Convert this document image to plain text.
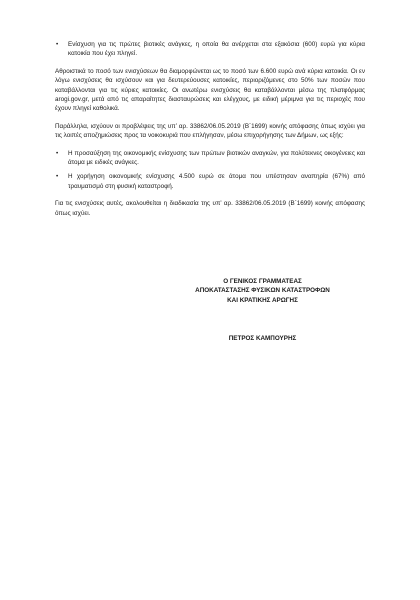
• Ενίσχυση για τις πρώτες βιοτικές ανάγκες, η οποία θα ανέρχεται στα εξακόσια (600) ευρώ για κύρια κατοικία που έχει πληγεί.

Αθροιστικά το ποσό των ενισχύσεων θα διαμορφώνεται ως το ποσό των 6.600 ευρώ ανά κύρια κατοικία. Οι εν λόγω ενισχύσεις θα ισχύσουν και για δευτερεύουσες κατοικίες, περιοριζόμενες στο 50% των ποσών που καταβάλλονται για τις κύριες κατοικίες. Οι ανωτέρω ενισχύσεις θα καταβάλλονται μέσω της πλατφόρμας arogi.gov.gr, μετά από τις απαραίτητες διασταυρώσεις και ελέγχους, με ειδική μέριμνα για τις περιοχές που έχουν πληγεί καθολικά.

Παράλληλα, ισχύουν οι προβλέψεις της υπ’ αρ. 33862/06.05.2019 (Β΄1699) κοινής απόφασης όπως ισχύει για τις λοιπές αποζημιώσεις προς τα νοικοκυριά που επλήγησαν, μέσω επιχορήγησης των Δήμων, ως εξής:

• Η προσαύξηση της οικονομικής ενίσχυσης των πρώτων βιοτικών αναγκών, για πολύτεκνες οικογένειες και άτομα με ειδικές ανάγκες.
• Η χορήγηση οικονομικής ενίσχυσης 4.500 ευρώ σε άτομα που υπέστησαν αναπηρία (67%) από τραυματισμό στη φυσική καταστροφή.

Για τις ενισχύσεις αυτές, ακολουθείται η διαδικασία της υπ’ αρ. 33862/06.05.2019 (Β΄1699) κοινής απόφασης όπως ισχύει.

Ο ΓΕΝΙΚΟΣ ΓΡΑΜΜΑΤΕΑΣ
ΑΠΟΚΑΤΑΣΤΑΣΗΣ ΦΥΣΙΚΩΝ ΚΑΤΑΣΤΡΟΦΩΝ
ΚΑΙ ΚΡΑΤΙΚΗΣ ΑΡΩΓΗΣ
ΠΕΤΡΟΣ ΚΑΜΠΟΥΡΗΣ
